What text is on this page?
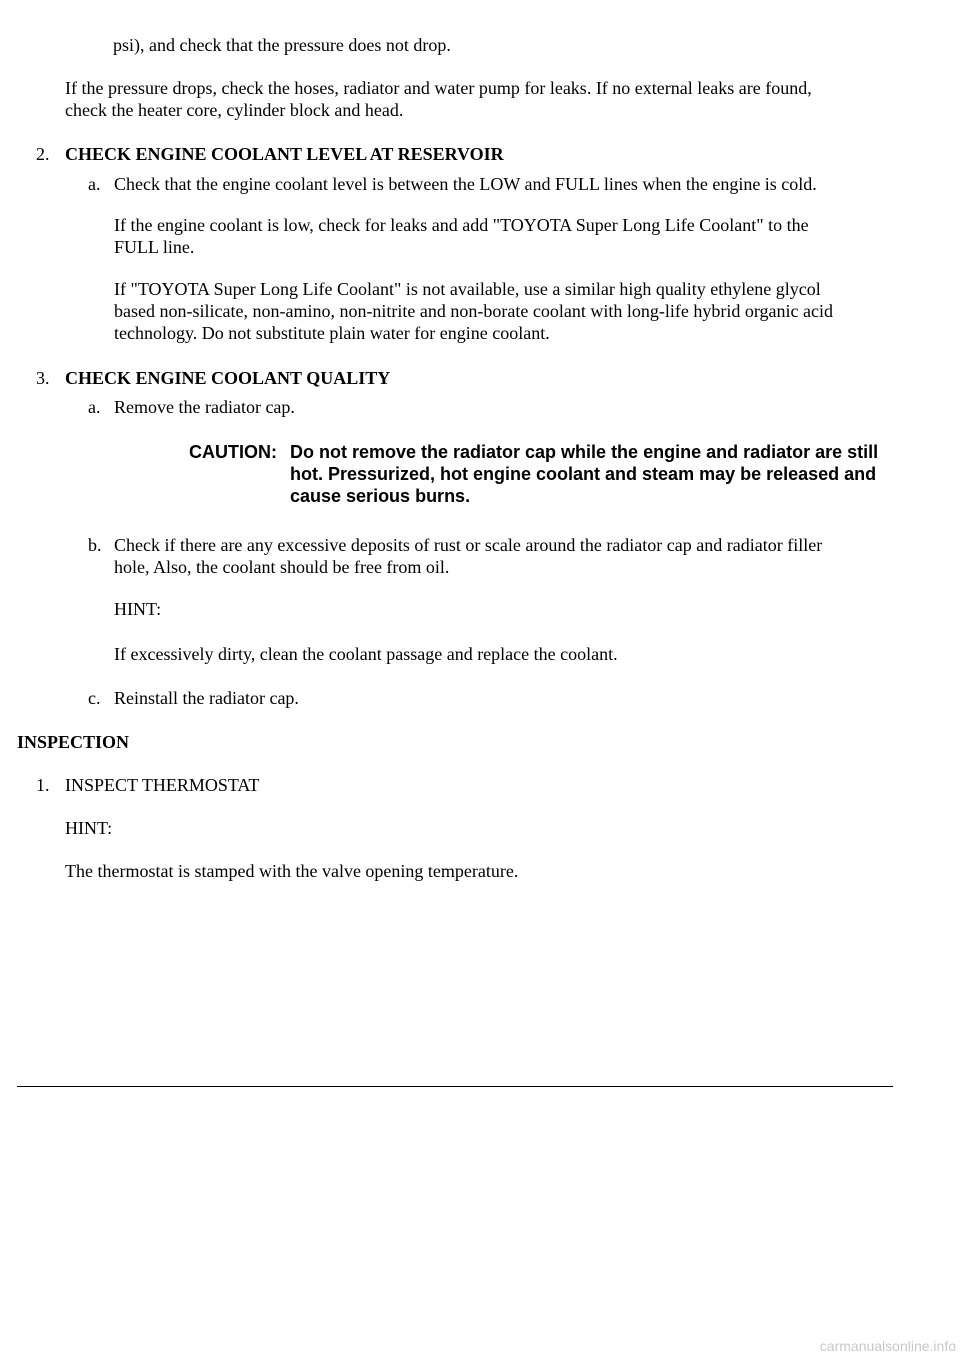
psi), and check that the pressure does not drop.
If the pressure drops, check the hoses, radiator and water pump for leaks. If no external leaks are found,
check the heater core, cylinder block and head.
2. CHECK ENGINE COOLANT LEVEL AT RESERVOIR
a. Check that the engine coolant level is between the LOW and FULL lines when the engine is cold.
If the engine coolant is low, check for leaks and add "TOYOTA Super Long Life Coolant" to the
FULL line.
If "TOYOTA Super Long Life Coolant" is not available, use a similar high quality ethylene glycol
based non-silicate, non-amino, non-nitrite and non-borate coolant with long-life hybrid organic acid
technology. Do not substitute plain water for engine coolant.
3. CHECK ENGINE COOLANT QUALITY
a. Remove the radiator cap.
CAUTION: Do not remove the radiator cap while the engine and radiator are still hot. Pressurized, hot engine coolant and steam may be released and cause serious burns.
b. Check if there are any excessive deposits of rust or scale around the radiator cap and radiator filler
hole, Also, the coolant should be free from oil.
HINT:
If excessively dirty, clean the coolant passage and replace the coolant.
c. Reinstall the radiator cap.
INSPECTION
1. INSPECT THERMOSTAT
HINT:
The thermostat is stamped with the valve opening temperature.
carmanualsonline.info
